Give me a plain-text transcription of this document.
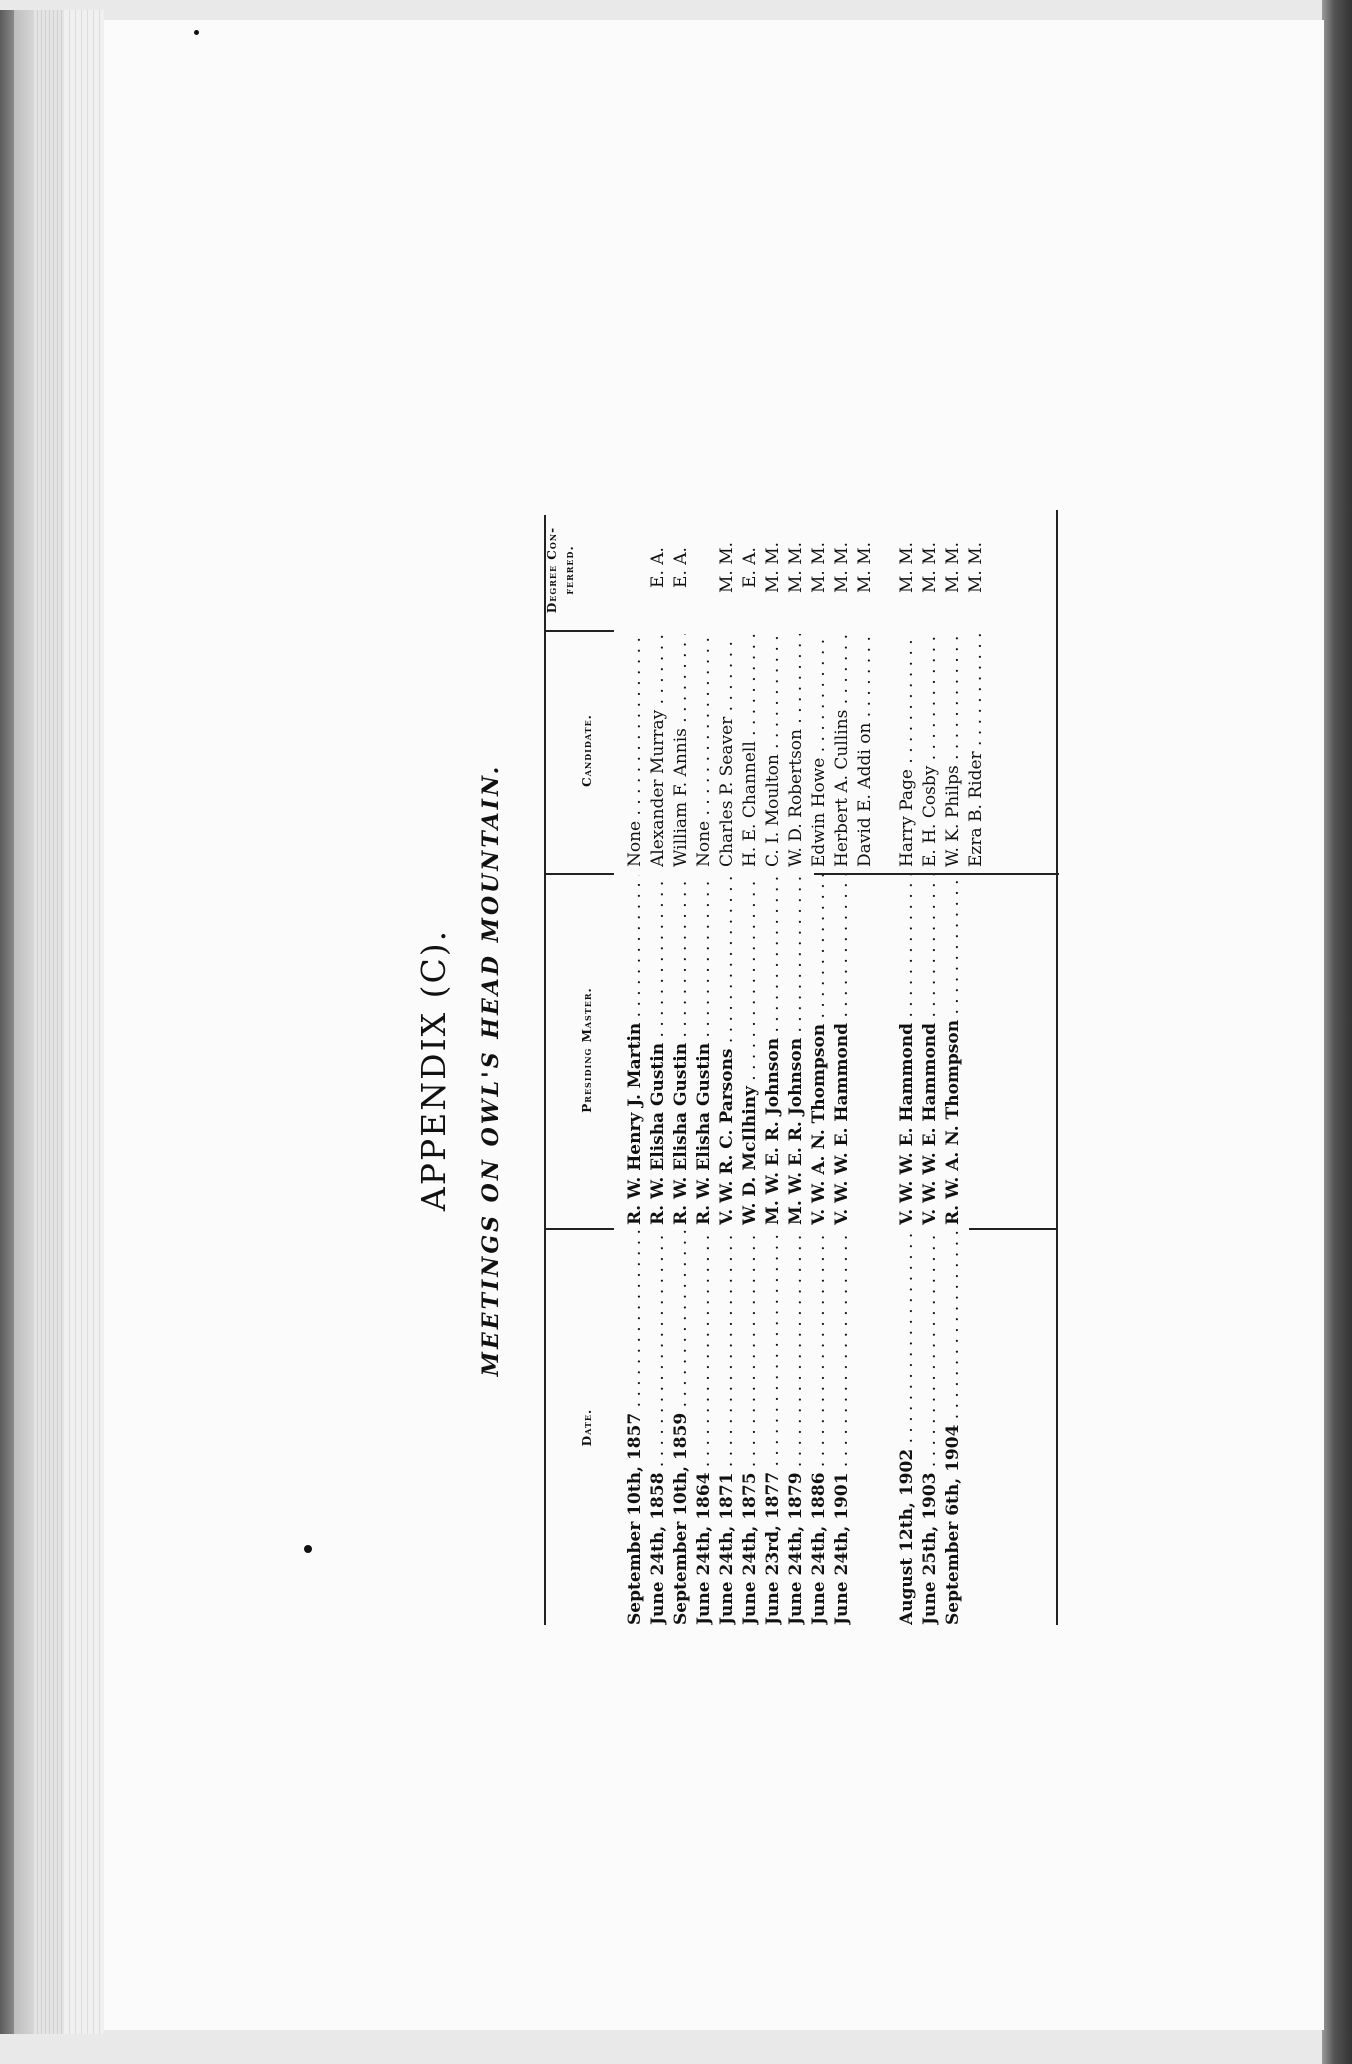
APPENDIX (C). MEETINGS ON OWL'S HEAD MOUNTAIN.
Date.
Presiding Master.
Candidate.
Degree Con- ferred.
September 10th, 1857 . . .
R. W. Henry J. Martin . . .
None . . .
June 24th, 1858 . . .
R. W. Elisha Gustin . . .
Alexander Murray . . .
E. A.
September 10th, 1859 . . .
R. W. Elisha Gustin . . .
William F. Annis . . .
E. A.
June 24th, 1864 . . .
R. W. Elisha Gustin . . .
None . . .
June 24th, 1871 . . .
V. W. R. C. Parsons . . .
Charles P. Seaver . . .
M. M.
June 24th, 1875 . . .
W. D. McIlhiny . . .
H. E. Channell . . .
E. A.
June 23rd, 1877 . . .
M. W. E. R. Johnson . . .
C. I. Moulton . . .
M. M.
June 24th, 1879 . . .
M. W. E. R. Johnson . . .
W. D. Robertson . . .
M. M.
June 24th, 1886 . . .
V. W. A. N. Thompson . . .
Edwin Howe . . .
M. M.
June 24th, 1901 . . .
V. W. W. E. Hammond . . .
Herbert A. Cullins . . .
M. M.
David E. Addi on . . .
M. M.
August 12th, 1902 . . .
V. W. W. E. Hammond . . .
Harry Page . . .
M. M.
June 25th, 1903 . . .
V. W. W. E. Hammond . . .
E. H. Cosby . . .
M. M.
September 6th, 1904 . . .
R. W. A. N. Thompson . . .
W. K. Philps . . .
M. M.
Ezra B. Rider . . .
M. M.
